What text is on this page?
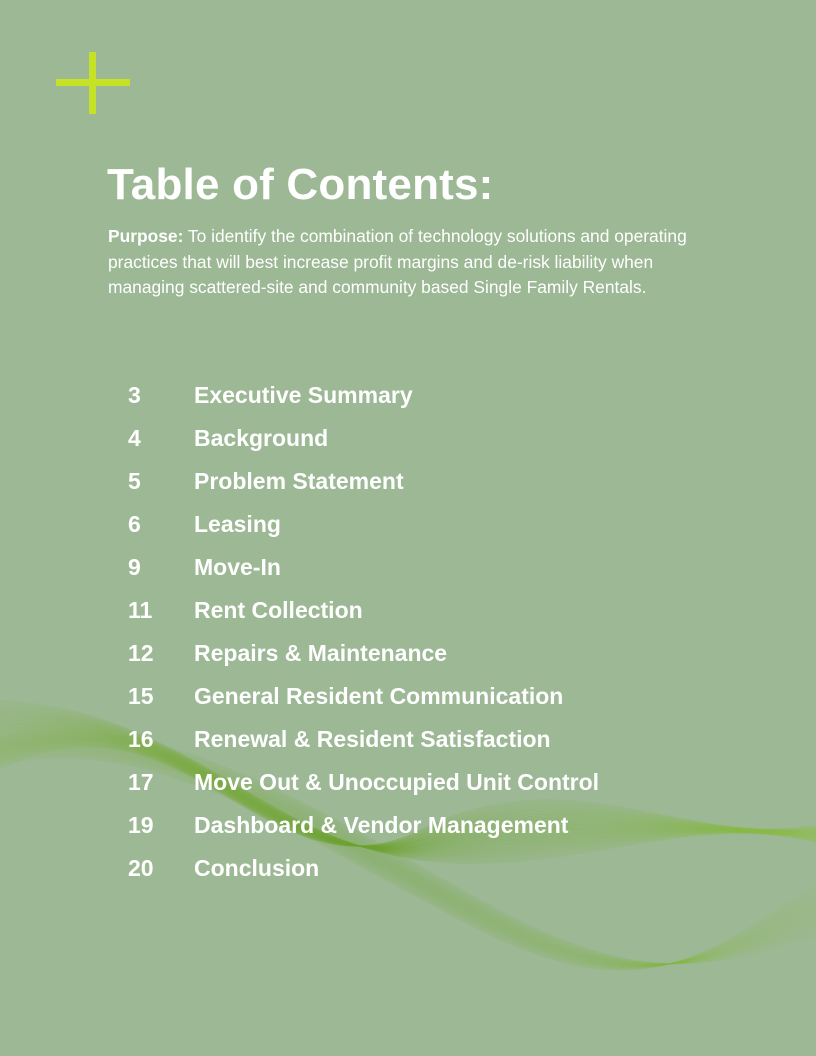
Table of Contents:

Purpose: To identify the combination of technology solutions and operating practices that will best increase profit margins and de-risk liability when managing scattered-site and community based Single Family Rentals.

3 Executive Summary
4 Background
5 Problem Statement
6 Leasing
9 Move-In
11 Rent Collection
12 Repairs & Maintenance
15 General Resident Communication
16 Renewal & Resident Satisfaction
17 Move Out & Unoccupied Unit Control
19 Dashboard & Vendor Management
20 Conclusion
